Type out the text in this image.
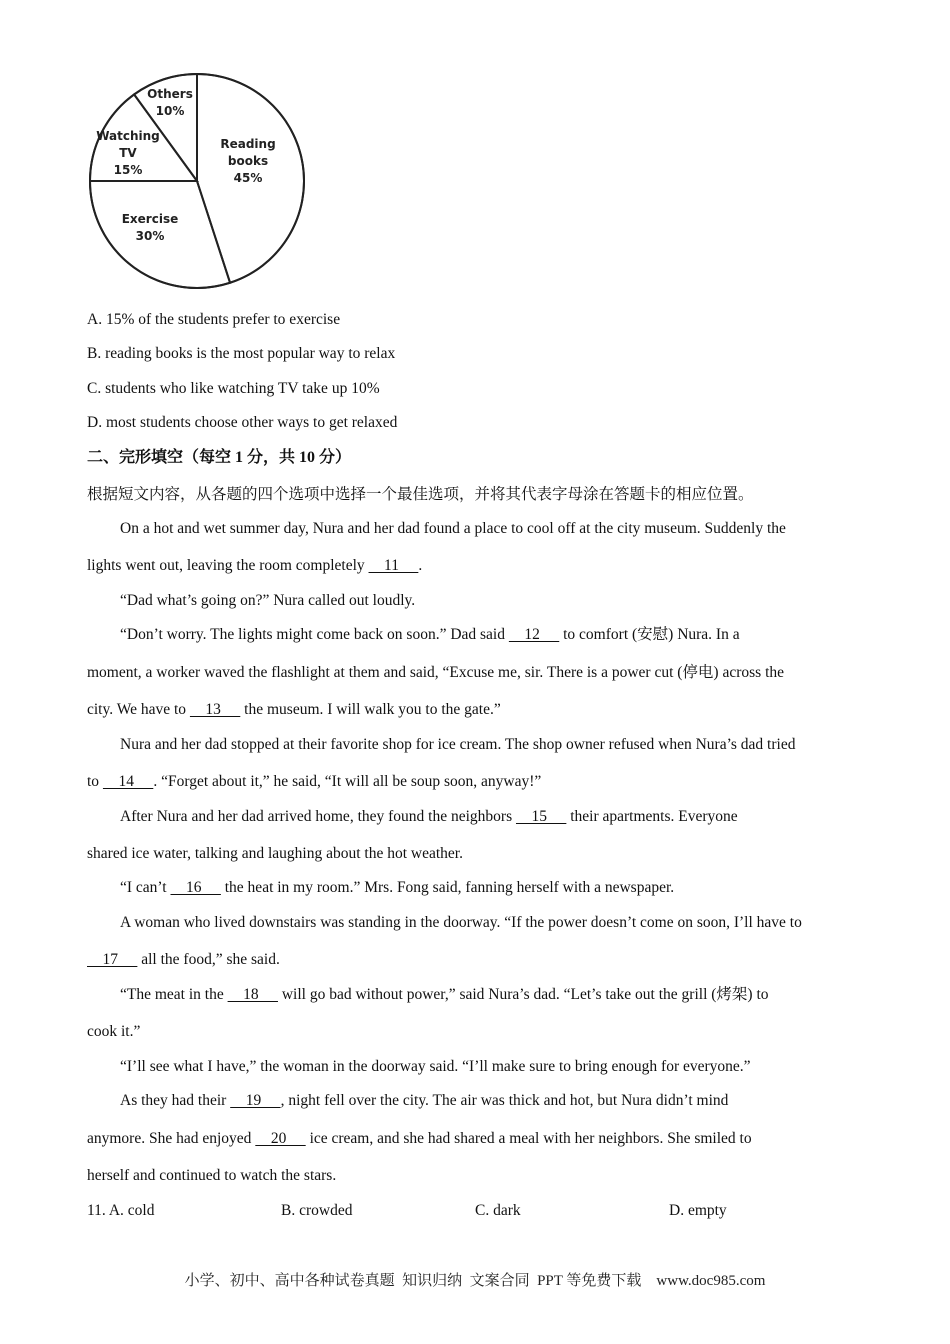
Reading books 45%
Exercise 30%
Watching TV 15%
Others 10%
A. 15% of the students prefer to exercise
B. reading books is the most popular way to relax
C. students who like watching TV take up 10%
D. most students choose other ways to get relaxed
二、完形填空（每空 1 分，共 10 分）
根据短文内容，从各题的四个选项中选择一个最佳选项，并将其代表字母涂在答题卡的相应位置。
On a hot and wet summer day, Nura and her dad found a place to cool off at the city museum. Suddenly the
lights went out, leaving the room completely     11     .
“Dad what’s going on?” Nura called out loudly.
“Don’t worry. The lights might come back on soon.” Dad said     12      to comfort (安慰) Nura. In a
moment, a worker waved the flashlight at them and said, “Excuse me, sir. There is a power cut (停电) across the
city. We have to     13      the museum. I will walk you to the gate.”
Nura and her dad stopped at their favorite shop for ice cream. The shop owner refused when Nura’s dad tried
to     14     . “Forget about it,” he said, “It will all be soup soon, anyway!”
After Nura and her dad arrived home, they found the neighbors     15      their apartments. Everyone
shared ice water, talking and laughing about the hot weather.
“I can’t     16      the heat in my room.” Mrs. Fong said, fanning herself with a newspaper.
A woman who lived downstairs was standing in the doorway. “If the power doesn’t come on soon, I’ll have to
17      all the food,” she said.
“The meat in the     18      will go bad without power,” said Nura’s dad. “Let’s take out the grill (烤架) to
cook it.”
“I’ll see what I have,” the woman in the doorway said. “I’ll make sure to bring enough for everyone.”
As they had their     19     , night fell over the city. The air was thick and hot, but Nura didn’t mind
anymore. She had enjoyed     20      ice cream, and she had shared a meal with her neighbors. She smiled to
herself and continued to watch the stars.
11. A. cold	B. crowded	C. dark	D. empty
小学、初中、高中各种试卷真题  知识归纳  文案合同  PPT 等免费下载    www.doc985.com
